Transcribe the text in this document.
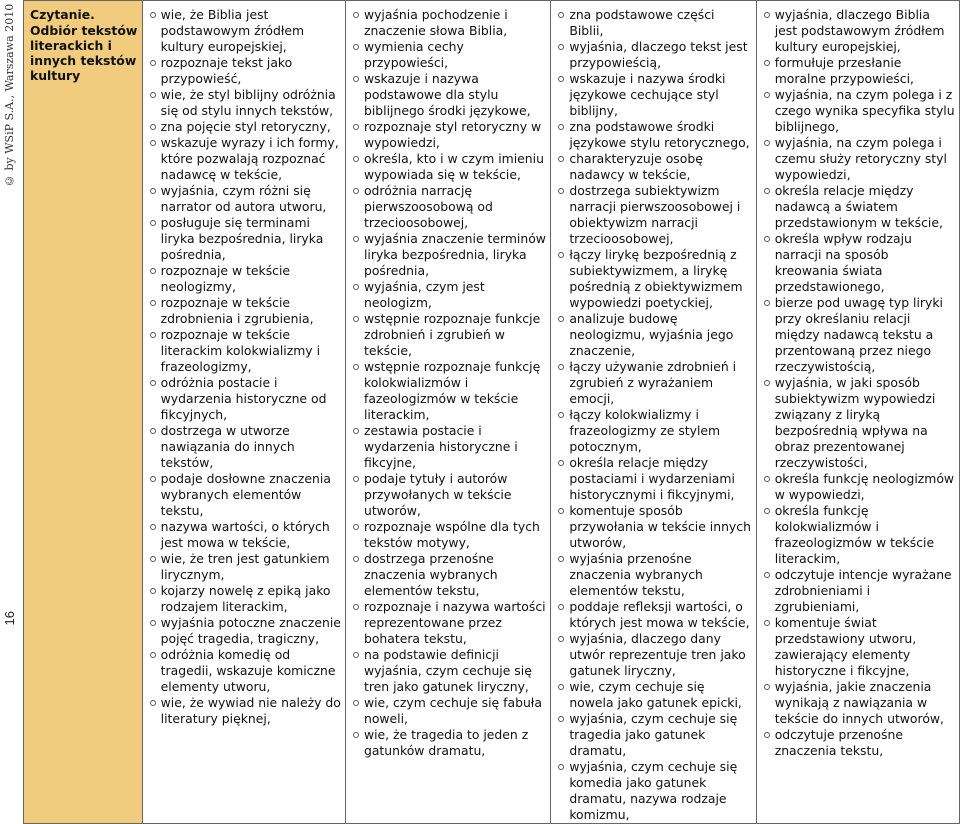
© by WSiP S.A., Warszawa 2010
16
Czytanie.
Odbiór tekstów literackich i innych tekstów kultury

wie, że Biblia jest podstawowym źródłem kultury europejskiej,
rozpoznaje tekst jako przypowieść,
wie, że styl biblijny odróżnia się od stylu innych tekstów,
zna pojęcie styl retoryczny,
wskazuje wyrazy i ich formy, które pozwalają rozpoznać nadawcę w tekście,
wyjaśnia, czym różni się narrator od autora utworu,
posługuje się terminami liryka bezpośrednia, liryka pośrednia,
rozpoznaje w tekście neologizmy,
rozpoznaje w tekście zdrobnienia i zgrubienia,
rozpoznaje w tekście literackim kolokwializmy i frazeologizmy,
odróżnia postacie i wydarzenia historyczne od fikcyjnych,
dostrzega w utworze nawiązania do innych tekstów,
podaje dosłowne znaczenia wybranych elementów tekstu,
nazywa wartości, o których jest mowa w tekście,
wie, że tren jest gatunkiem lirycznym,
kojarzy nowelę z epiką jako rodzajem literackim,
wyjaśnia potoczne znaczenie pojęć tragedia, tragiczny,
odróżnia komedię od tragedii, wskazuje komiczne elementy utworu,
wie, że wywiad nie należy do literatury pięknej,

wyjaśnia pochodzenie i znaczenie słowa Biblia,
wymienia cechy przypowieści,
wskazuje i nazywa podstawowe dla stylu biblijnego środki językowe,
rozpoznaje styl retoryczny w wypowiedzi,
określa, kto i w czym imieniu wypowiada się w tekście,
odróżnia narrację pierwszoosobową od trzecioosobowej,
wyjaśnia znaczenie terminów liryka bezpośrednia, liryka pośrednia,
wyjaśnia, czym jest neologizm,
wstępnie rozpoznaje funkcje zdrobnień i zgrubień w tekście,
wstępnie rozpoznaje funkcję kolokwializmów i fazeologizmów w tekście literackim,
zestawia postacie i wydarzenia historyczne i fikcyjne,
podaje tytuły i autorów przywołanych w tekście utworów,
rozpoznaje wspólne dla tych tekstów motywy,
dostrzega przenośne znaczenia wybranych elementów tekstu,
rozpoznaje i nazywa wartości reprezentowane przez bohatera tekstu,
na podstawie definicji wyjaśnia, czym cechuje się tren jako gatunek liryczny,
wie, czym cechuje się fabuła noweli,
wie, że tragedia to jeden z gatunków dramatu,

zna podstawowe części Biblii,
wyjaśnia, dlaczego tekst jest przypowieścią,
wskazuje i nazywa środki językowe cechujące styl biblijny,
zna podstawowe środki językowe stylu retorycznego,
charakteryzuje osobę nadawcy w tekście,
dostrzega subiektywizm narracji pierwszoosobowej i obiektywizm narracji trzecioosobowej,
łączy lirykę bezpośrednią z subiektywizmem, a lirykę pośrednią z obiektywizmem wypowiedzi poetyckiej,
analizuje budowę neologizmu, wyjaśnia jego znaczenie,
łączy używanie zdrobnień i zgrubień z wyrażaniem emocji,
łączy kolokwializmy i frazeologizmy ze stylem potocznym,
określa relacje między postaciami i wydarzeniami historycznymi i fikcyjnymi,
komentuje sposób przywołania w tekście innych utworów,
wyjaśnia przenośne znaczenia wybranych elementów tekstu,
poddaje refleksji wartości, o których jest mowa w tekście,
wyjaśnia, dlaczego dany utwór reprezentuje tren jako gatunek liryczny,
wie, czym cechuje się nowela jako gatunek epicki,
wyjaśnia, czym cechuje się tragedia jako gatunek dramatu,
wyjaśnia, czym cechuje się komedia jako gatunek dramatu, nazywa rodzaje komizmu,

wyjaśnia, dlaczego Biblia jest podstawowym źródłem kultury europejskiej,
formułuje przesłanie moralne przypowieści,
wyjaśnia, na czym polega i z czego wynika specyfika stylu biblijnego,
wyjaśnia, na czym polega i czemu służy retoryczny styl wypowiedzi,
określa relacje między nadawcą a światem przedstawionym w tekście,
określa wpływ rodzaju narracji na sposób kreowania świata przedstawionego,
bierze pod uwagę typ liryki przy określaniu relacji między nadawcą tekstu a przentowaną przez niego rzeczywistością,
wyjaśnia, w jaki sposób subiektywizm wypowiedzi związany z liryką bezpośrednią wpływa na obraz prezentowanej rzeczywistości,
określa funkcję neologizmów w wypowiedzi,
określa funkcję kolokwializmów i frazeologizmów w tekście literackim,
odczytuje intencje wyrażane zdrobnieniami i zgrubieniami,
komentuje świat przedstawiony utworu, zawierający elementy historyczne i fikcyjne,
wyjaśnia, jakie znaczenia wynikają z nawiązania w tekście do innych utworów,
odczytuje przenośne znaczenia tekstu,
